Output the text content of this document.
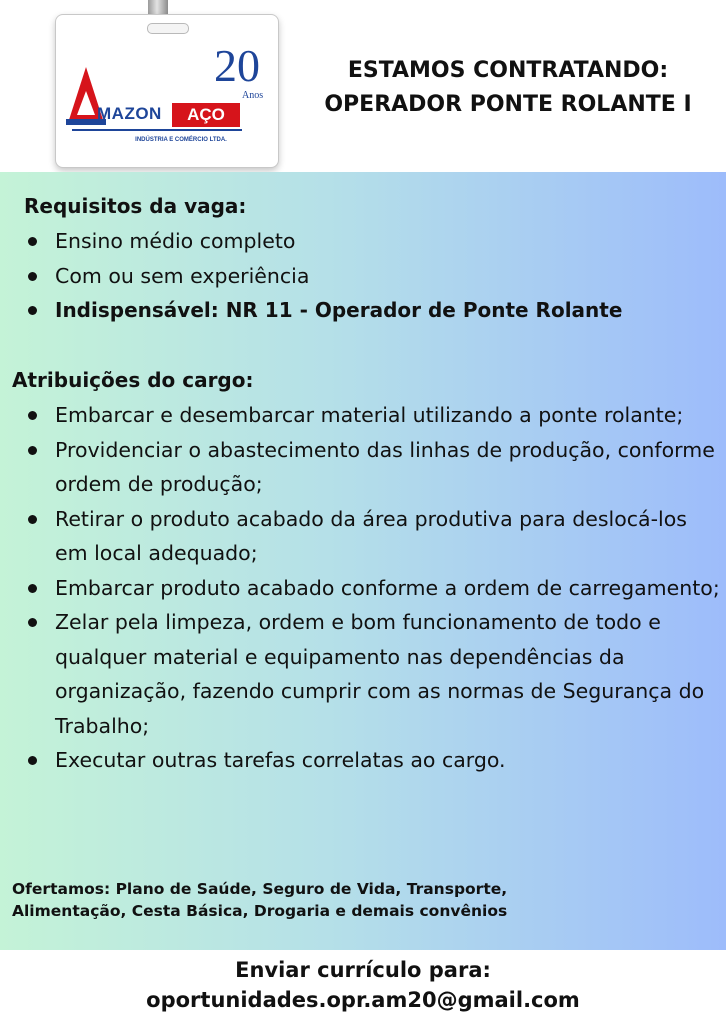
MAZON	AÇO
20
Anos
INDÚSTRIA E COMÉRCIO LTDA.
ESTAMOS CONTRATANDO:
OPERADOR PONTE ROLANTE I
Requisitos da vaga:
Ensino médio completo
Com ou sem experiência
Indispensável: NR 11 - Operador de Ponte Rolante
Atribuições do cargo:
Embarcar e desembarcar material utilizando a ponte rolante;
Providenciar o abastecimento das linhas de produção, conforme ordem de produção;
Retirar o produto acabado da área produtiva para deslocá-los em local adequado;
Embarcar produto acabado conforme a ordem de carregamento;
Zelar pela limpeza, ordem e bom funcionamento de todo e qualquer material e equipamento nas dependências da organização, fazendo cumprir com as normas de Segurança do Trabalho;
Executar outras tarefas correlatas ao cargo.
Ofertamos: Plano de Saúde, Seguro de Vida, Transporte,
Alimentação, Cesta Básica, Drogaria e demais convênios
Enviar currículo para:
oportunidades.opr.am20@gmail.com
